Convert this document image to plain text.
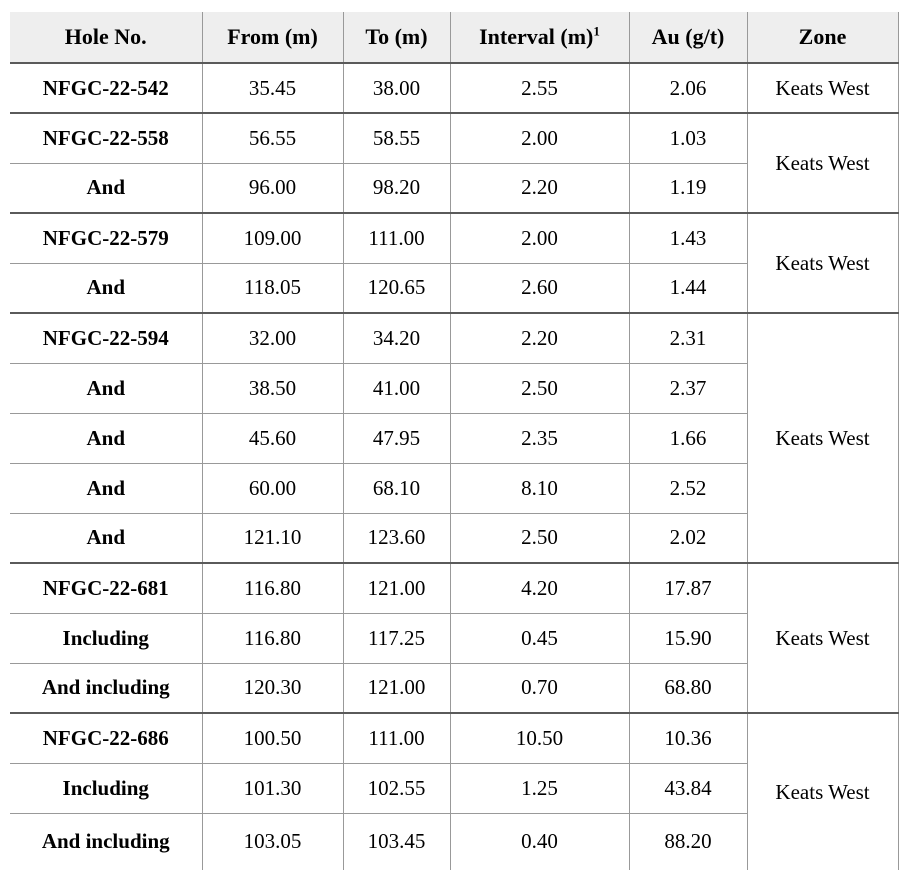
Hole No.	From (m)	To (m)	Interval $(m)^1$	Au (g/t)	Zone
NFGC-22-542	35.45	38.00	2.55	2.06	Keats West
NFGC-22-558	56.55	58.55	2.00	1.03	Keats West
And	96.00	98.20	2.20	1.19	
NFGC-22-579	109.00	111.00	2.00	1.43	Keats West
And	118.05	120.65	2.60	1.44	
NFGC-22-594	32.00	34.20	2.20	2.31	Keats West
And	38.50	41.00	2.50	2.37	
And	45.60	47.95	2.35	1.66	
And	60.00	68.10	8.10	2.52	
And	121.10	123.60	2.50	2.02	
NFGC-22-681	116.80	121.00	4.20	17.87	Keats West
Including	116.80	117.25	0.45	15.90	
And including	120.30	121.00	0.70	68.80	
NFGC-22-686	100.50	111.00	10.50	10.36	Keats West
Including	101.30	102.55	1.25	43.84	
And including	103.05	103.45	0.40	88.20	
